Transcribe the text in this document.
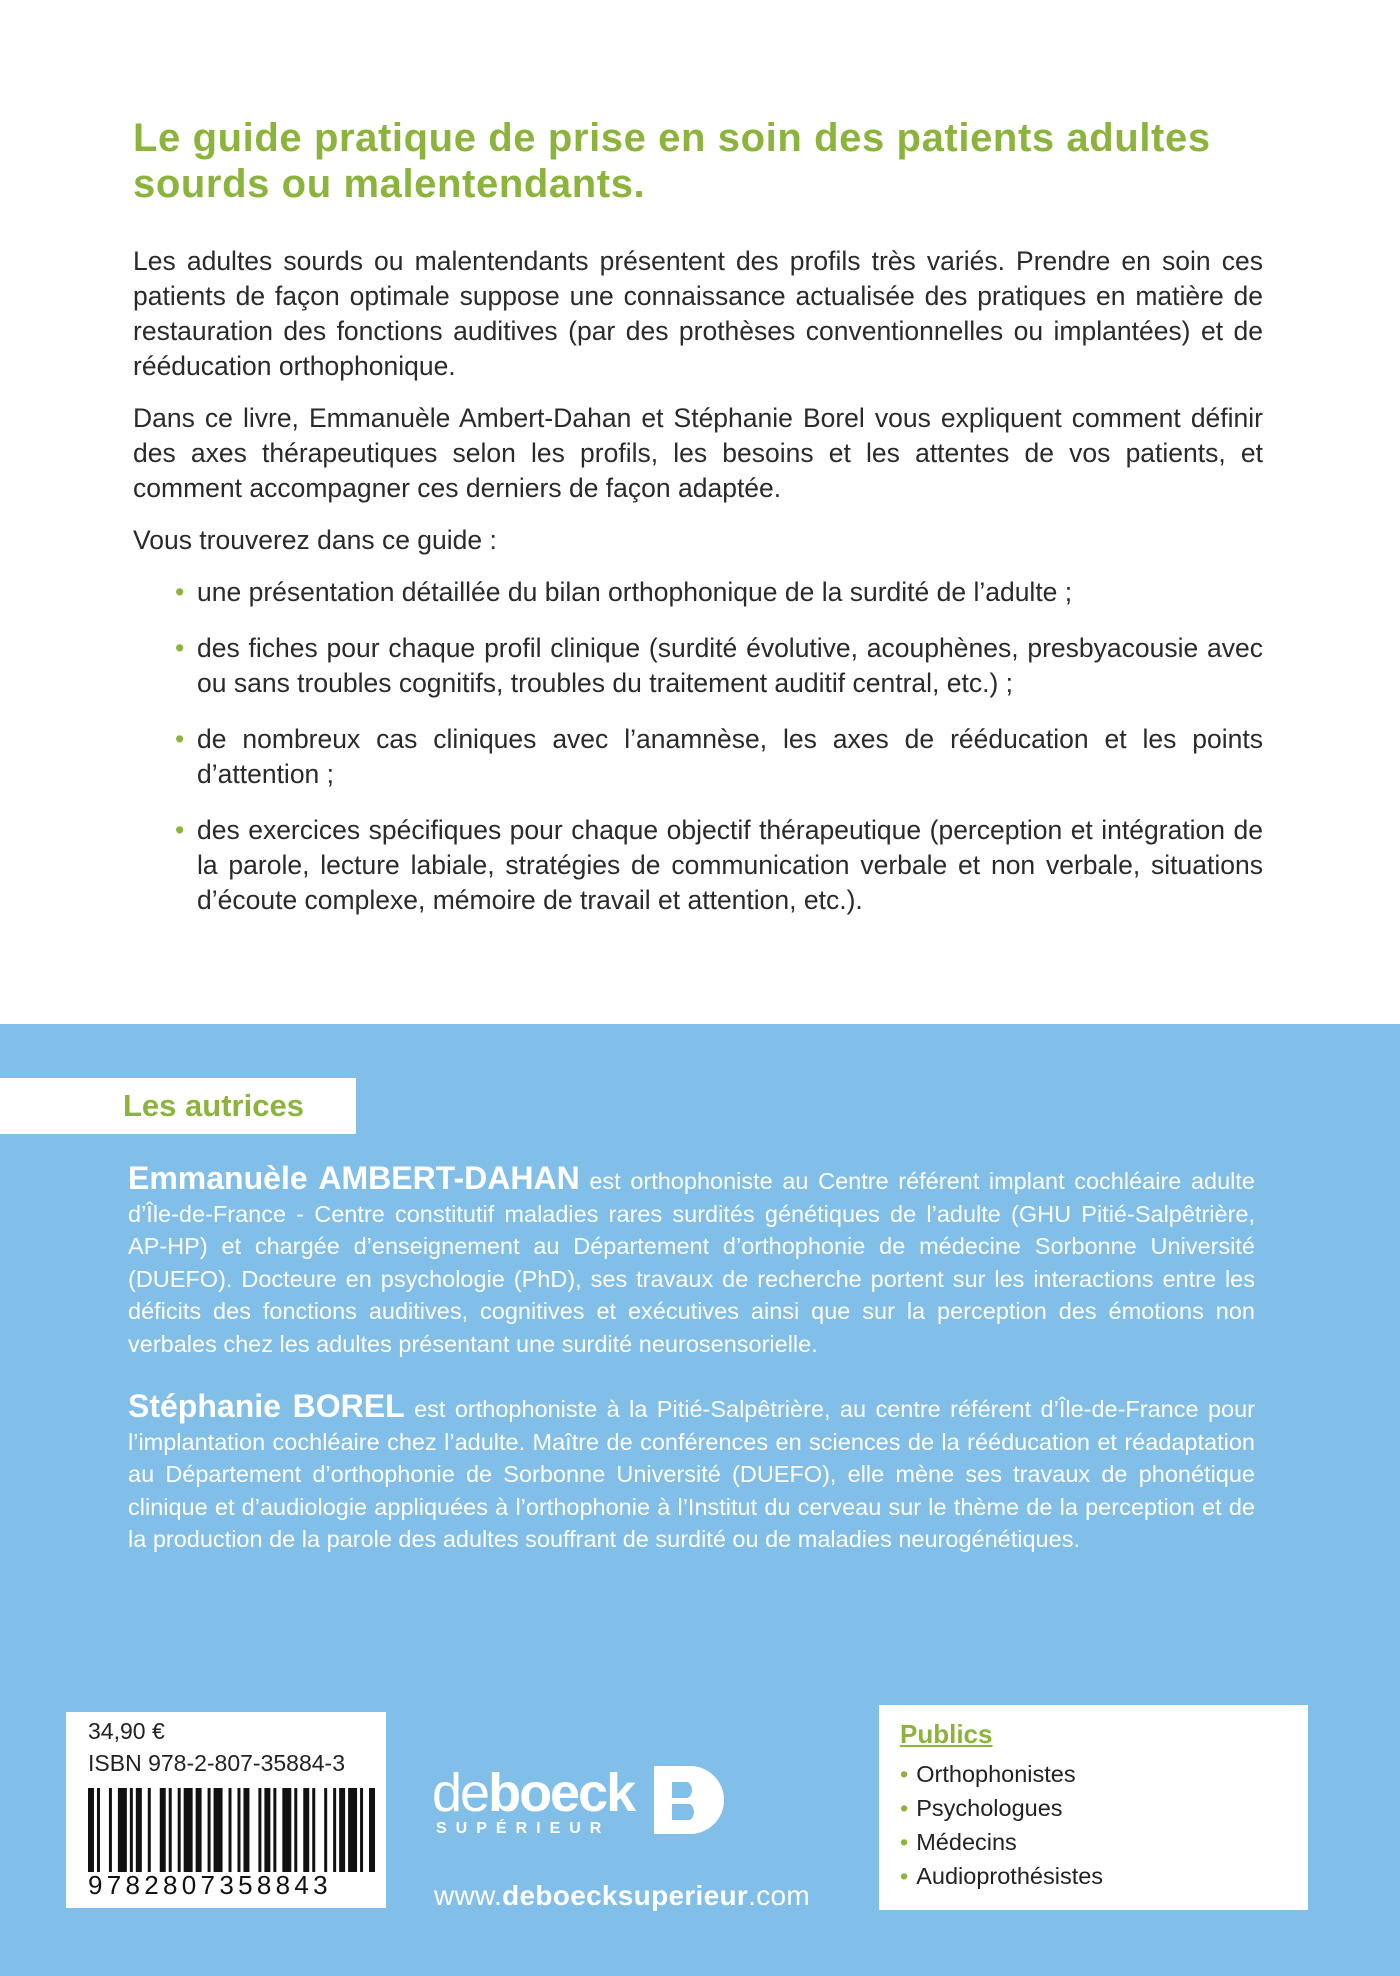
Le guide pratique de prise en soin des patients adultes sourds ou malentendants.

Les adultes sourds ou malentendants présentent des profils très variés. Prendre en soin ces patients de façon optimale suppose une connaissance actualisée des pratiques en matière de restauration des fonctions auditives (par des prothèses conventionnelles ou implantées) et de rééducation orthophonique.

Dans ce livre, Emmanuèle Ambert-Dahan et Stéphanie Borel vous expliquent comment définir des axes thérapeutiques selon les profils, les besoins et les attentes de vos patients, et comment accompagner ces derniers de façon adaptée.

Vous trouverez dans ce guide :

• une présentation détaillée du bilan orthophonique de la surdité de l’adulte ;
• des fiches pour chaque profil clinique (surdité évolutive, acouphènes, presbyacousie avec ou sans troubles cognitifs, troubles du traitement auditif central, etc.) ;
• de nombreux cas cliniques avec l’anamnèse, les axes de rééducation et les points d’attention ;
• des exercices spécifiques pour chaque objectif thérapeutique (perception et intégration de la parole, lecture labiale, stratégies de communication verbale et non verbale, situations d’écoute complexe, mémoire de travail et attention, etc.).
Les autrices

Emmanuèle AMBERT-DAHAN est orthophoniste au Centre référent implant cochléaire adulte d’Île-de-France - Centre constitutif maladies rares surdités génétiques de l’adulte (GHU Pitié-Salpêtrière, AP-HP) et chargée d’enseignement au Département d’orthophonie de médecine Sorbonne Université (DUEFO). Docteure en psychologie (PhD), ses travaux de recherche portent sur les interactions entre les déficits des fonctions auditives, cognitives et exécutives ainsi que sur la perception des émotions non verbales chez les adultes présentant une surdité neurosensorielle.

Stéphanie BOREL est orthophoniste à la Pitié-Salpêtrière, au centre référent d’Île-de-France pour l’implantation cochléaire chez l’adulte. Maître de conférences en sciences de la rééducation et réadaptation au Département d’orthophonie de Sorbonne Université (DUEFO), elle mène ses travaux de phonétique clinique et d’audiologie appliquées à l’orthophonie à l’Institut du cerveau sur le thème de la perception et de la production de la parole des adultes souffrant de surdité ou de maladies neurogénétiques.

34,90 €
ISBN 978-2-807-35884-3
9782807358843
deboeck
SUPÉRIEUR
www.deboecksuperieur.com
Publics
• Orthophonistes
• Psychologues
• Médecins
• Audioprothésistes
